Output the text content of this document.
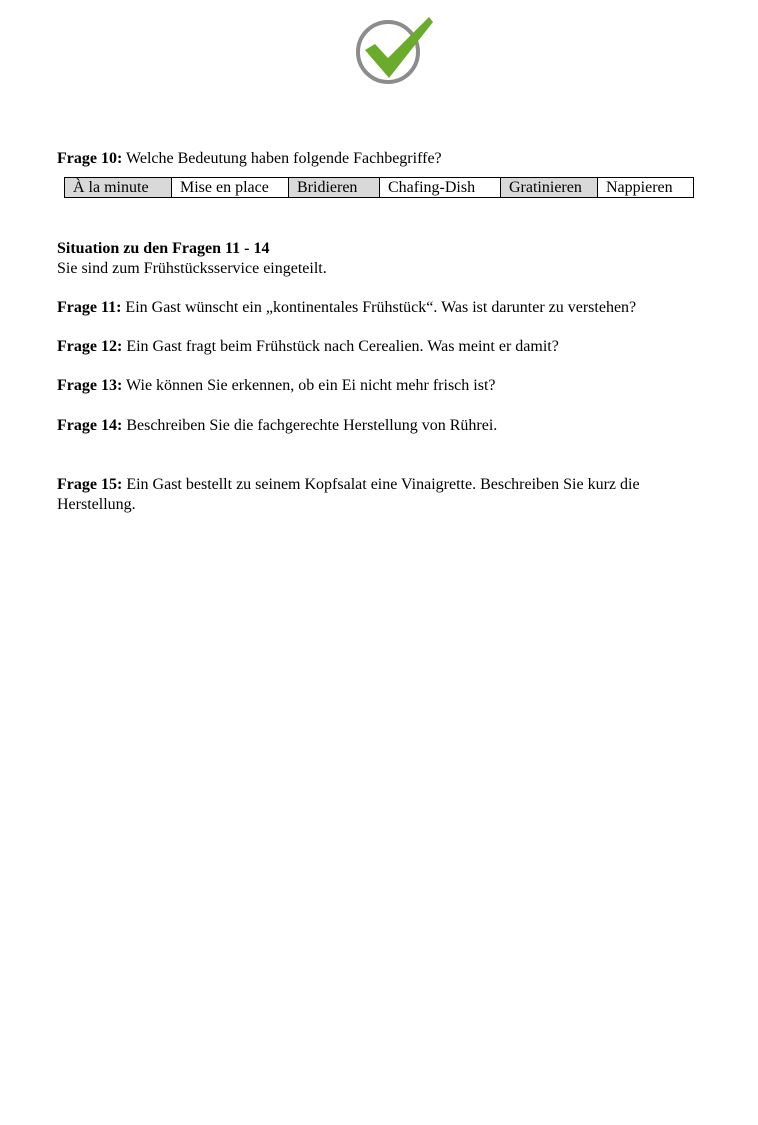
Frage 10: Welche Bedeutung haben folgende Fachbegriffe?
À la minute	Mise en place	Bridieren	Chafing-Dish	Gratinieren	Nappieren
Situation zu den Fragen 11 - 14
Sie sind zum Frühstücksservice eingeteilt.
Frage 11: Ein Gast wünscht ein „kontinentales Frühstück“. Was ist darunter zu verstehen?
Frage 12: Ein Gast fragt beim Frühstück nach Cerealien. Was meint er damit?
Frage 13: Wie können Sie erkennen, ob ein Ei nicht mehr frisch ist?
Frage 14: Beschreiben Sie die fachgerechte Herstellung von Rührei.
Frage 15: Ein Gast bestellt zu seinem Kopfsalat eine Vinaigrette. Beschreiben Sie kurz die Herstellung.
